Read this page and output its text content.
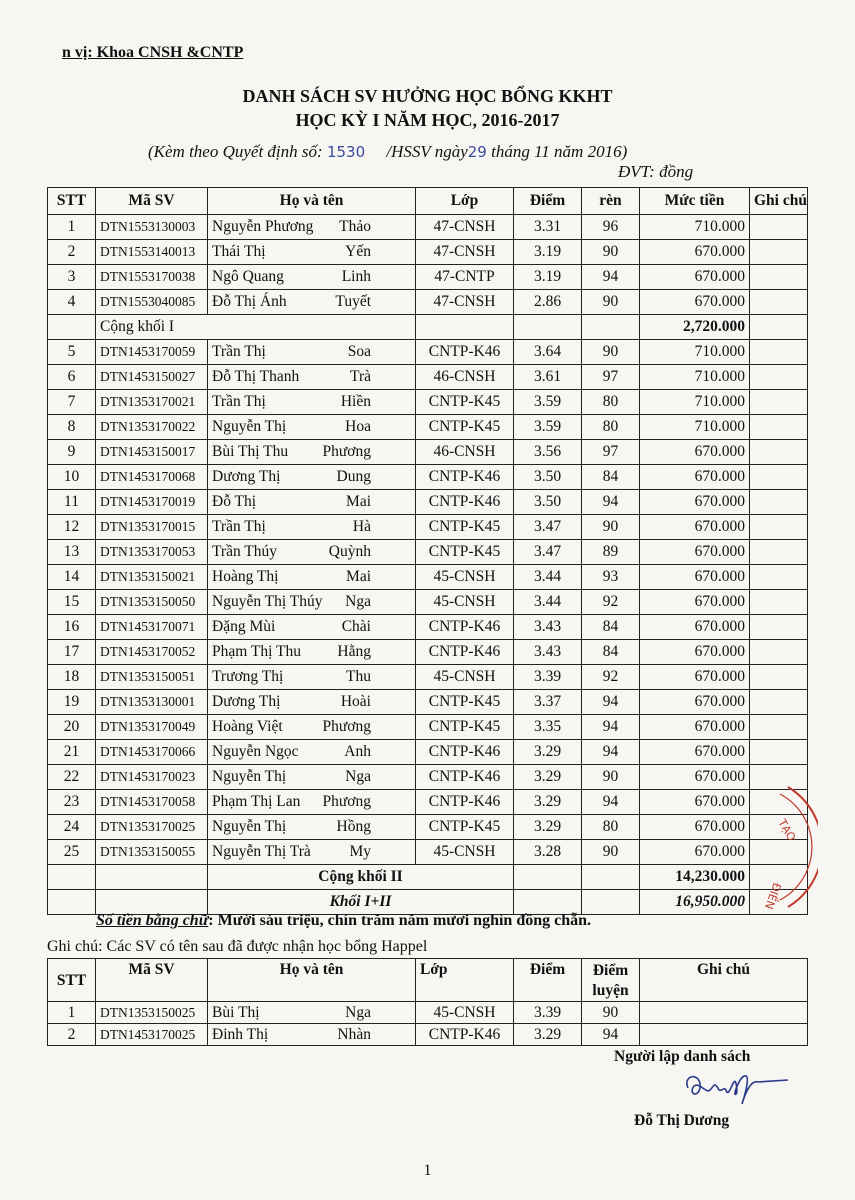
n vị: Khoa CNSH &CNTP
DANH SÁCH SV HƯỞNG HỌC BỔNG KKHT
HỌC KỲ I NĂM HỌC, 2016-2017
(Kèm theo Quyết định số: 1530 /HSSV ngày29 tháng 11 năm 2016)
ĐVT: đồng
STT	Mã SV	Họ và tên	Lớp	Điểm	rèn	Mức tiền	Ghi chú
1	DTN1553130003	Nguyễn Phương Thảo	47-CNSH	3.31	96	710.000	
2	DTN1553140013	Thái Thị Yến	47-CNSH	3.19	90	670.000	
3	DTN1553170038	Ngô Quang Linh	47-CNTP	3.19	94	670.000	
4	DTN1553040085	Đỗ Thị Ánh Tuyết	47-CNSH	2.86	90	670.000	
	Cộng khối I					2,720.000	
5	DTN1453170059	Trần Thị Soa	CNTP-K46	3.64	90	710.000	
6	DTN1453150027	Đỗ Thị Thanh Trà	46-CNSH	3.61	97	710.000	
7	DTN1353170021	Trần Thị Hiền	CNTP-K45	3.59	80	710.000	
8	DTN1353170022	Nguyễn Thị Hoa	CNTP-K45	3.59	80	710.000	
9	DTN1453150017	Bùi Thị Thu Phương	46-CNSH	3.56	97	670.000	
10	DTN1453170068	Dương Thị Dung	CNTP-K46	3.50	84	670.000	
11	DTN1453170019	Đỗ Thị Mai	CNTP-K46	3.50	94	670.000	
12	DTN1353170015	Trần Thị Hà	CNTP-K45	3.47	90	670.000	
13	DTN1353170053	Trần Thúy Quỳnh	CNTP-K45	3.47	89	670.000	
14	DTN1353150021	Hoàng Thị Mai	45-CNSH	3.44	93	670.000	
15	DTN1353150050	Nguyễn Thị Thúy Nga	45-CNSH	3.44	92	670.000	
16	DTN1453170071	Đặng Mùi Chài	CNTP-K46	3.43	84	670.000	
17	DTN1453170052	Phạm Thị Thu Hằng	CNTP-K46	3.43	84	670.000	
18	DTN1353150051	Trương Thị Thu	45-CNSH	3.39	92	670.000	
19	DTN1353130001	Dương Thị Hoài	CNTP-K45	3.37	94	670.000	
20	DTN1353170049	Hoàng Việt Phương	CNTP-K45	3.35	94	670.000	
21	DTN1453170066	Nguyễn Ngọc Anh	CNTP-K46	3.29	94	670.000	
22	DTN1453170023	Nguyễn Thị Nga	CNTP-K46	3.29	90	670.000	
23	DTN1453170058	Phạm Thị Lan Phương	CNTP-K46	3.29	94	670.000	
24	DTN1353170025	Nguyễn Thị Hồng	CNTP-K45	3.29	80	670.000	
25	DTN1353150055	Nguyễn Thị Trà My	45-CNSH	3.28	90	670.000	
		Cộng khối II				14,230.000	
		Khối I+II				16,950.000	
TẠO
ĐIỀN
Số tiền bằng chữ: Mười sáu triệu, chín trăm năm mươi nghìn đồng chẵn.
Ghi chú: Các SV có tên sau đã được nhận học bổng Happel
STT	Mã SV	Họ và tên	Lớp	Điểm	Điểm luyện	Ghi chú
1	DTN1353150025	Bùi Thị Nga	45-CNSH	3.39	90	
2	DTN1453170025	Đinh Thị Nhàn	CNTP-K46	3.29	94	
Người lập danh sách
Đỗ Thị Dương
1
